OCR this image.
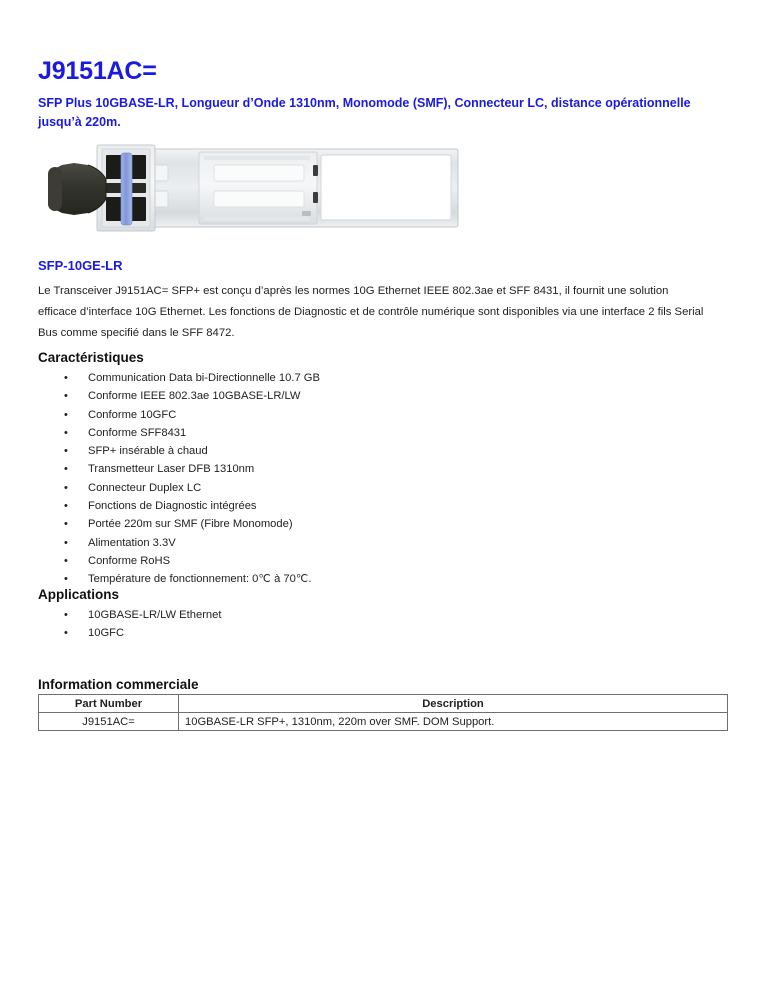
J9151AC=

SFP Plus 10GBASE-LR, Longueur d’Onde 1310nm, Monomode (SMF), Connecteur LC, distance opérationnelle jusqu’à 220m.

SFP-10GE-LR

Le Transceiver J9151AC= SFP+ est conçu d’après les normes 10G Ethernet IEEE 802.3ae et SFF 8431, il fournit une solution efficace d’interface 10G Ethernet. Les fonctions de Diagnostic et de contrôle numérique sont disponibles via une interface 2 fils Serial Bus comme specifié dans le SFF 8472.

Caractéristiques
• Communication Data bi-Directionnelle 10.7 GB
• Conforme IEEE 802.3ae 10GBASE-LR/LW
• Conforme 10GFC
• Conforme SFF8431
• SFP+ insérable à chaud
• Transmetteur Laser DFB 1310nm
• Connecteur Duplex LC
• Fonctions de Diagnostic intégrées
• Portée 220m sur SMF (Fibre Monomode)
• Alimentation 3.3V
• Conforme RoHS
• Température de fonctionnement: 0℃ à 70℃.
Applications
• 10GBASE-LR/LW Ethernet
• 10GFC
Information commerciale
Part Number	Description
J9151AC=	10GBASE-LR SFP+, 1310nm, 220m over SMF. DOM Support.
